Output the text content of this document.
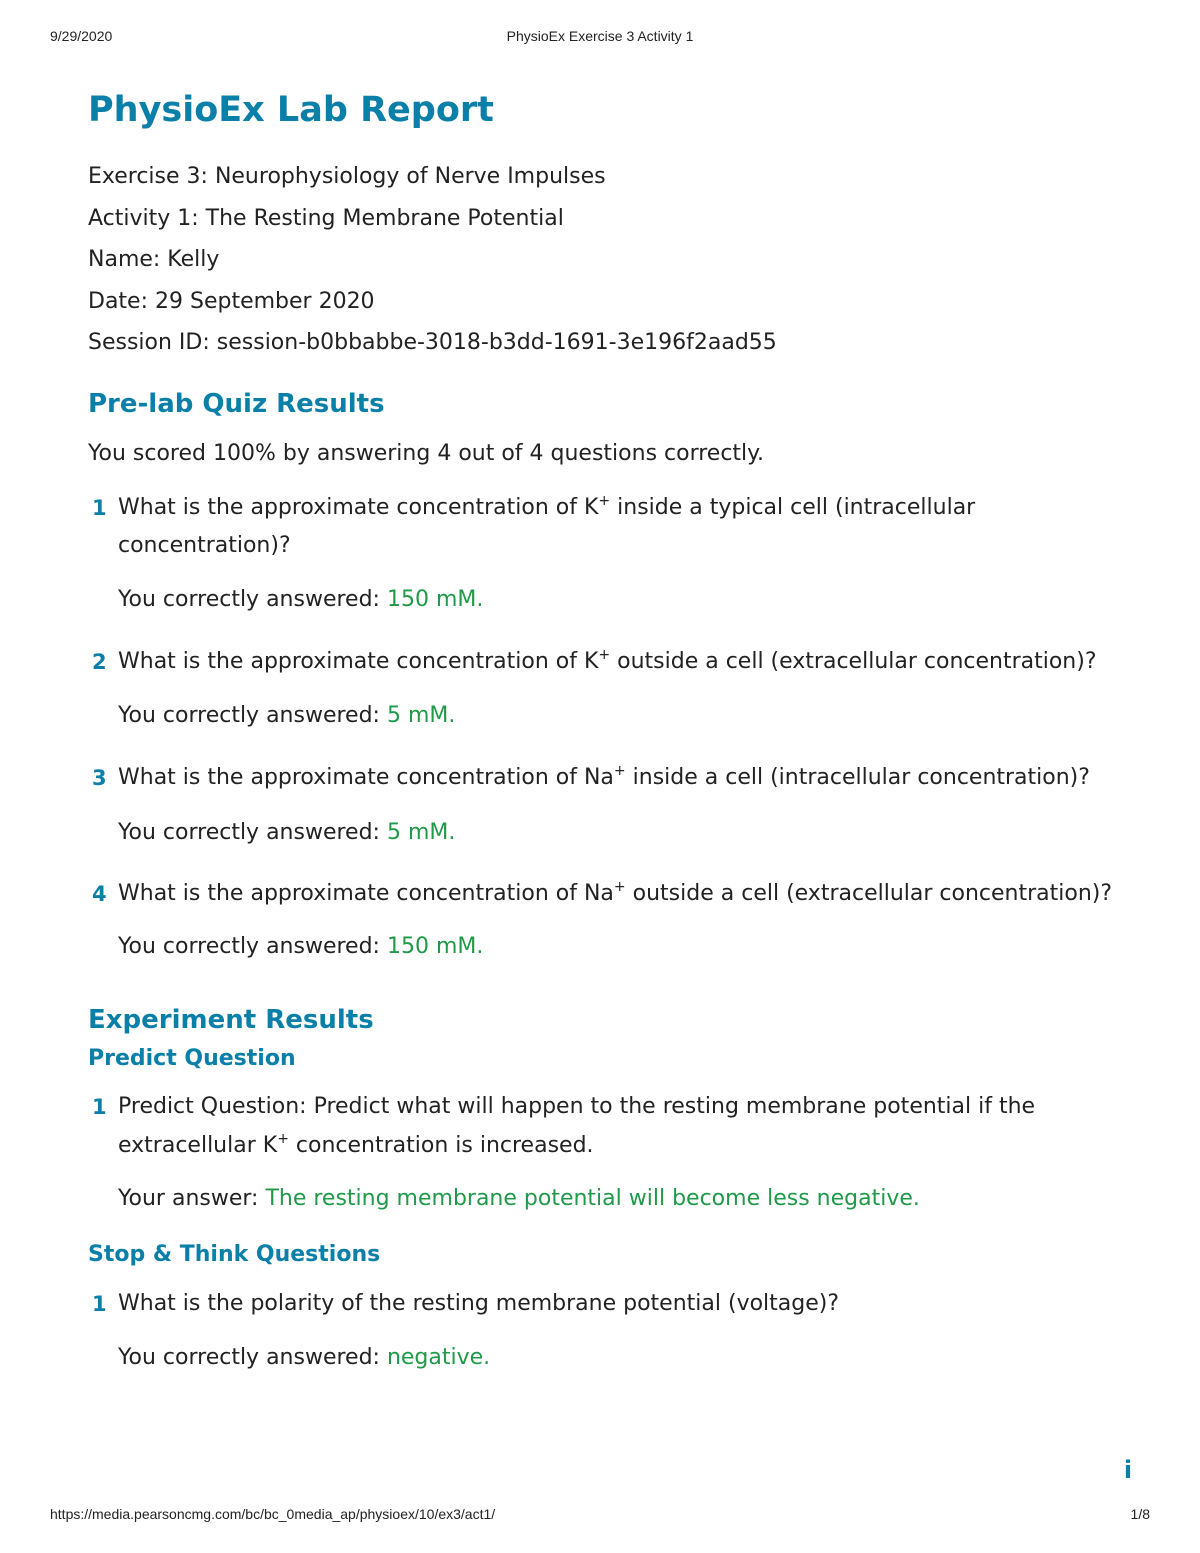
9/29/2020	PhysioEx Exercise 3 Activity 1
PhysioEx Lab Report
Exercise 3: Neurophysiology of Nerve Impulses
Activity 1: The Resting Membrane Potential
Name: Kelly
Date: 29 September 2020
Session ID: session-b0bbabbe-3018-b3dd-1691-3e196f2aad55
Pre-lab Quiz Results
You scored 100% by answering 4 out of 4 questions correctly.
1 What is the approximate concentration of K+ inside a typical cell (intracellular concentration)?
You correctly answered: 150 mM.
2 What is the approximate concentration of K+ outside a cell (extracellular concentration)?
You correctly answered: 5 mM.
3 What is the approximate concentration of Na+ inside a cell (intracellular concentration)?
You correctly answered: 5 mM.
4 What is the approximate concentration of Na+ outside a cell (extracellular concentration)?
You correctly answered: 150 mM.
Experiment Results
Predict Question
1 Predict Question: Predict what will happen to the resting membrane potential if the extracellular K+ concentration is increased.
Your answer: The resting membrane potential will become less negative.
Stop & Think Questions
1 What is the polarity of the resting membrane potential (voltage)?
You correctly answered: negative.
i
https://media.pearsoncmg.com/bc/bc_0media_ap/physioex/10/ex3/act1/	1/8
